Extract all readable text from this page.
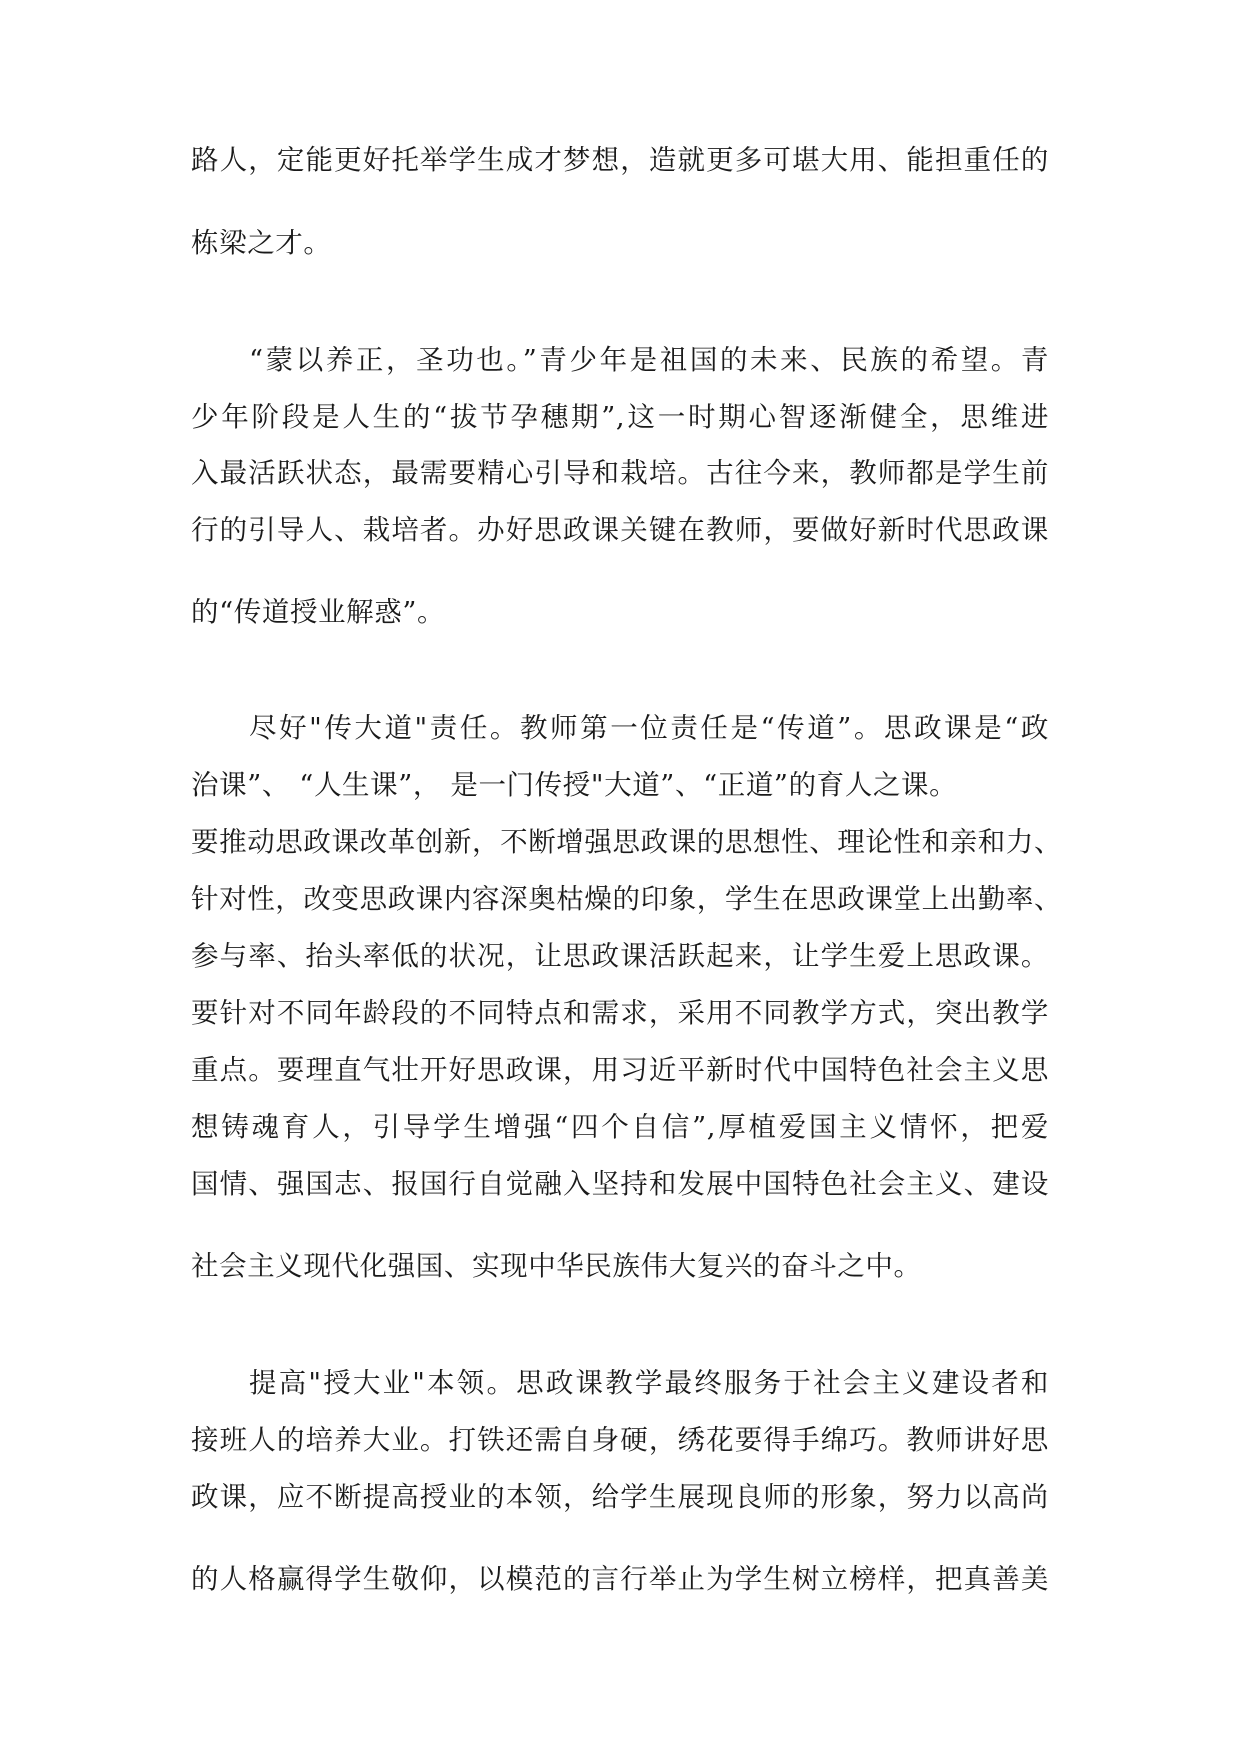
路人，定能更好托举学生成才梦想，造就更多可堪大用、能担重任的
栋梁之才。
“蒙以养正，圣功也。”青少年是祖国的未来、民族的希望。青
少年阶段是人生的“拔节孕穗期”,这一时期心智逐渐健全，思维进
入最活跃状态，最需要精心引导和栽培。古往今来，教师都是学生前
行的引导人、栽培者。办好思政课关键在教师，要做好新时代思政课
的“传道授业解惑”。
尽好"传大道"责任。教师第一位责任是“传道”。思政课是“政
治课”、 “人生课”， 是一门传授"大道”、“正道”的育人之课。
要推动思政课改革创新，不断增强思政课的思想性、理论性和亲和力、
针对性，改变思政课内容深奥枯燥的印象，学生在思政课堂上出勤率、
参与率、抬头率低的状况，让思政课活跃起来，让学生爱上思政课。
要针对不同年龄段的不同特点和需求，采用不同教学方式，突出教学
重点。要理直气壮开好思政课，用习近平新时代中国特色社会主义思
想铸魂育人，引导学生增强“四个自信”,厚植爱国主义情怀，把爱
国情、强国志、报国行自觉融入坚持和发展中国特色社会主义、建设
社会主义现代化强国、实现中华民族伟大复兴的奋斗之中。
提高"授大业"本领。思政课教学最终服务于社会主义建设者和
接班人的培养大业。打铁还需自身硬，绣花要得手绵巧。教师讲好思
政课，应不断提高授业的本领，给学生展现良师的形象，努力以高尚
的人格赢得学生敬仰，以模范的言行举止为学生树立榜样，把真善美
